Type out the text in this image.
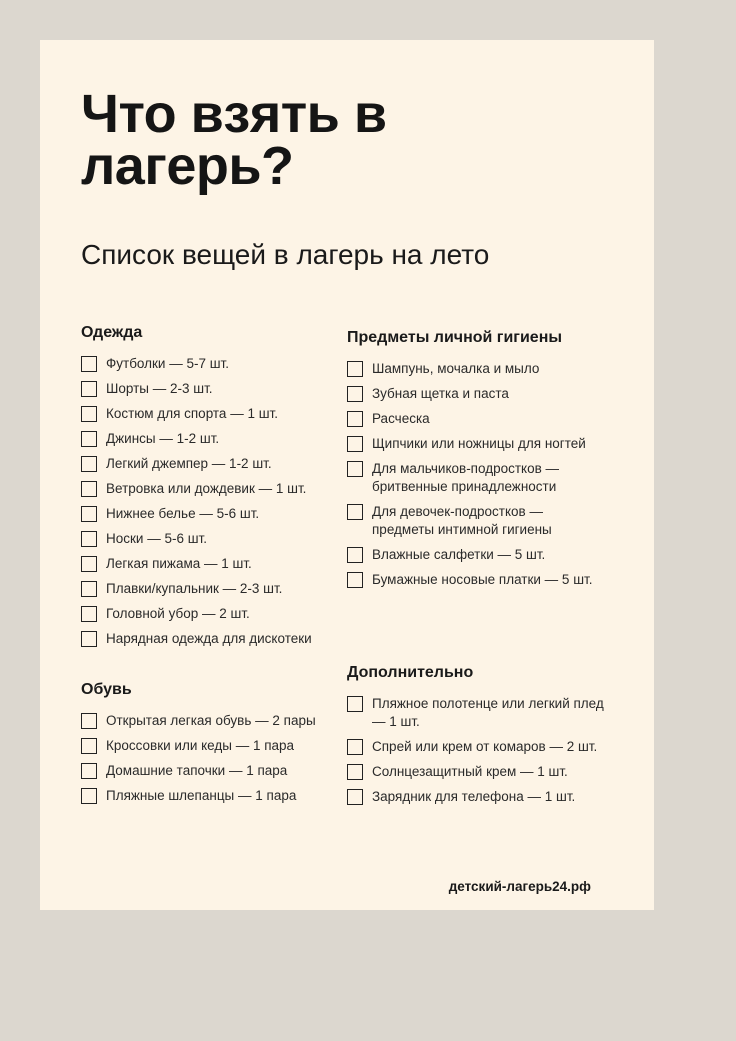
Что взять в лагерь?

Список вещей в лагерь на лето

Одежда
Футболки — 5-7 шт.
Шорты — 2-3 шт.
Костюм для спорта — 1 шт.
Джинсы — 1-2 шт.
Легкий джемпер — 1-2 шт.
Ветровка или дождевик — 1 шт.
Нижнее белье — 5-6 шт.
Носки — 5-6 шт.
Легкая пижама — 1 шт.
Плавки/купальник — 2-3 шт.
Головной убор — 2 шт.
Нарядная одежда для дискотеки
Обувь
Открытая легкая обувь — 2 пары
Кроссовки или кеды — 1 пара
Домашние тапочки — 1 пара
Пляжные шлепанцы — 1 пара
Предметы личной гигиены
Шампунь, мочалка и мыло
Зубная щетка и паста
Расческа
Щипчики или ножницы для ногтей
Для мальчиков-подростков — бритвенные принадлежности
Для девочек-подростков — предметы интимной гигиены
Влажные салфетки — 5 шт.
Бумажные носовые платки — 5 шт.
Дополнительно
Пляжное полотенце или легкий плед — 1 шт.
Спрей или крем от комаров — 2 шт.
Солнцезащитный крем — 1 шт.
Зарядник для телефона — 1 шт.
детский-лагерь24.рф
